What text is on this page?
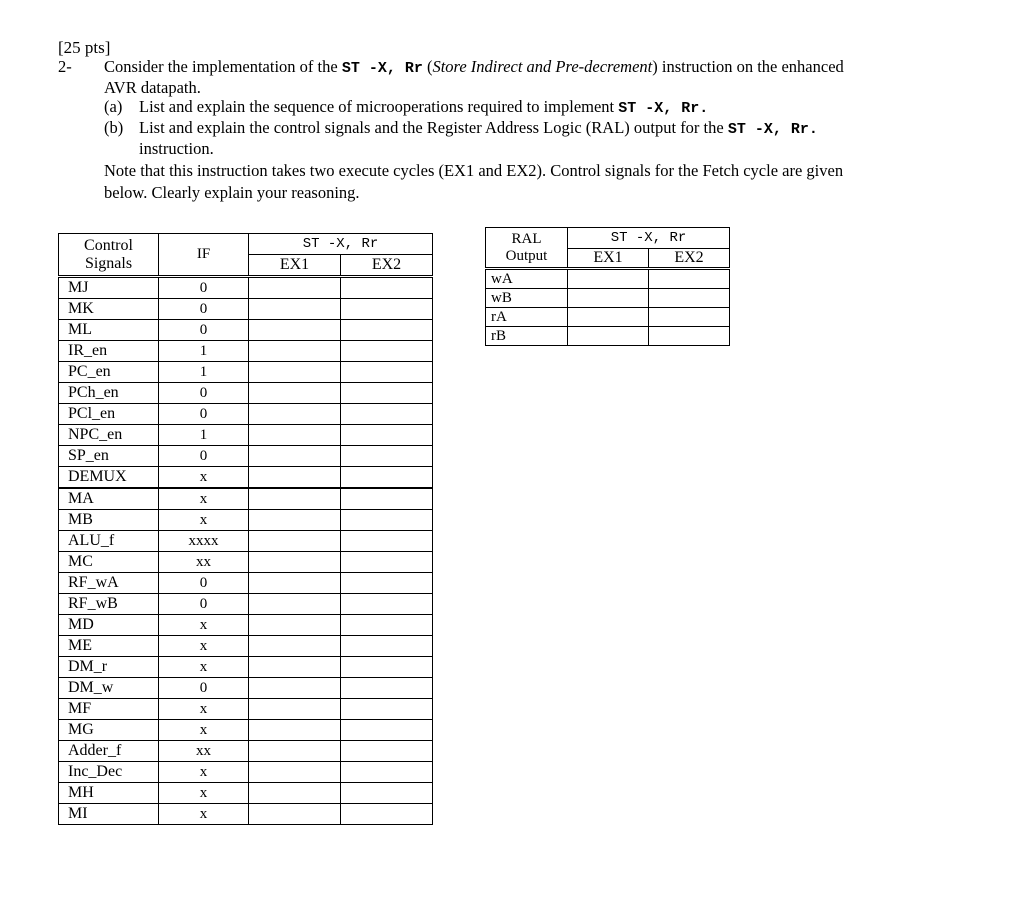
[25 pts]
2-	Consider the implementation of the ST -X, Rr (Store Indirect and Pre-decrement) instruction on the enhanced
AVR datapath.
(a)	List and explain the sequence of microoperations required to implement ST -X, Rr.
(b) List and explain the control signals and the Register Address Logic (RAL) output for the ST -X, Rr.
instruction.
Note that this instruction takes two execute cycles (EX1 and EX2). Control signals for the Fetch cycle are given
below. Clearly explain your reasoning.
Control
Signals	IF	ST -X, Rr	
		EX1	EX2
MJ	0		
MK	0		
ML	0		
IR_en	1		
PC_en	1		
PCh_en	0		
PCl_en	0		
NPC_en	1		
SP_en	0		
DEMUX	x		
MA	x		
MB	x		
ALU_f	xxxx		
MC	xx		
RF_wA	0		
RF_wB	0		
MD	x		
ME	x		
DM_r	x		
DM_w	0		
MF	x		
MG	x		
Adder_f	xx		
Inc_Dec	x		
MH	x		
MI	x		
RAL
Output	ST -X, Rr	
	EX1	EX2
wA		
wB		
rA		
rB		
